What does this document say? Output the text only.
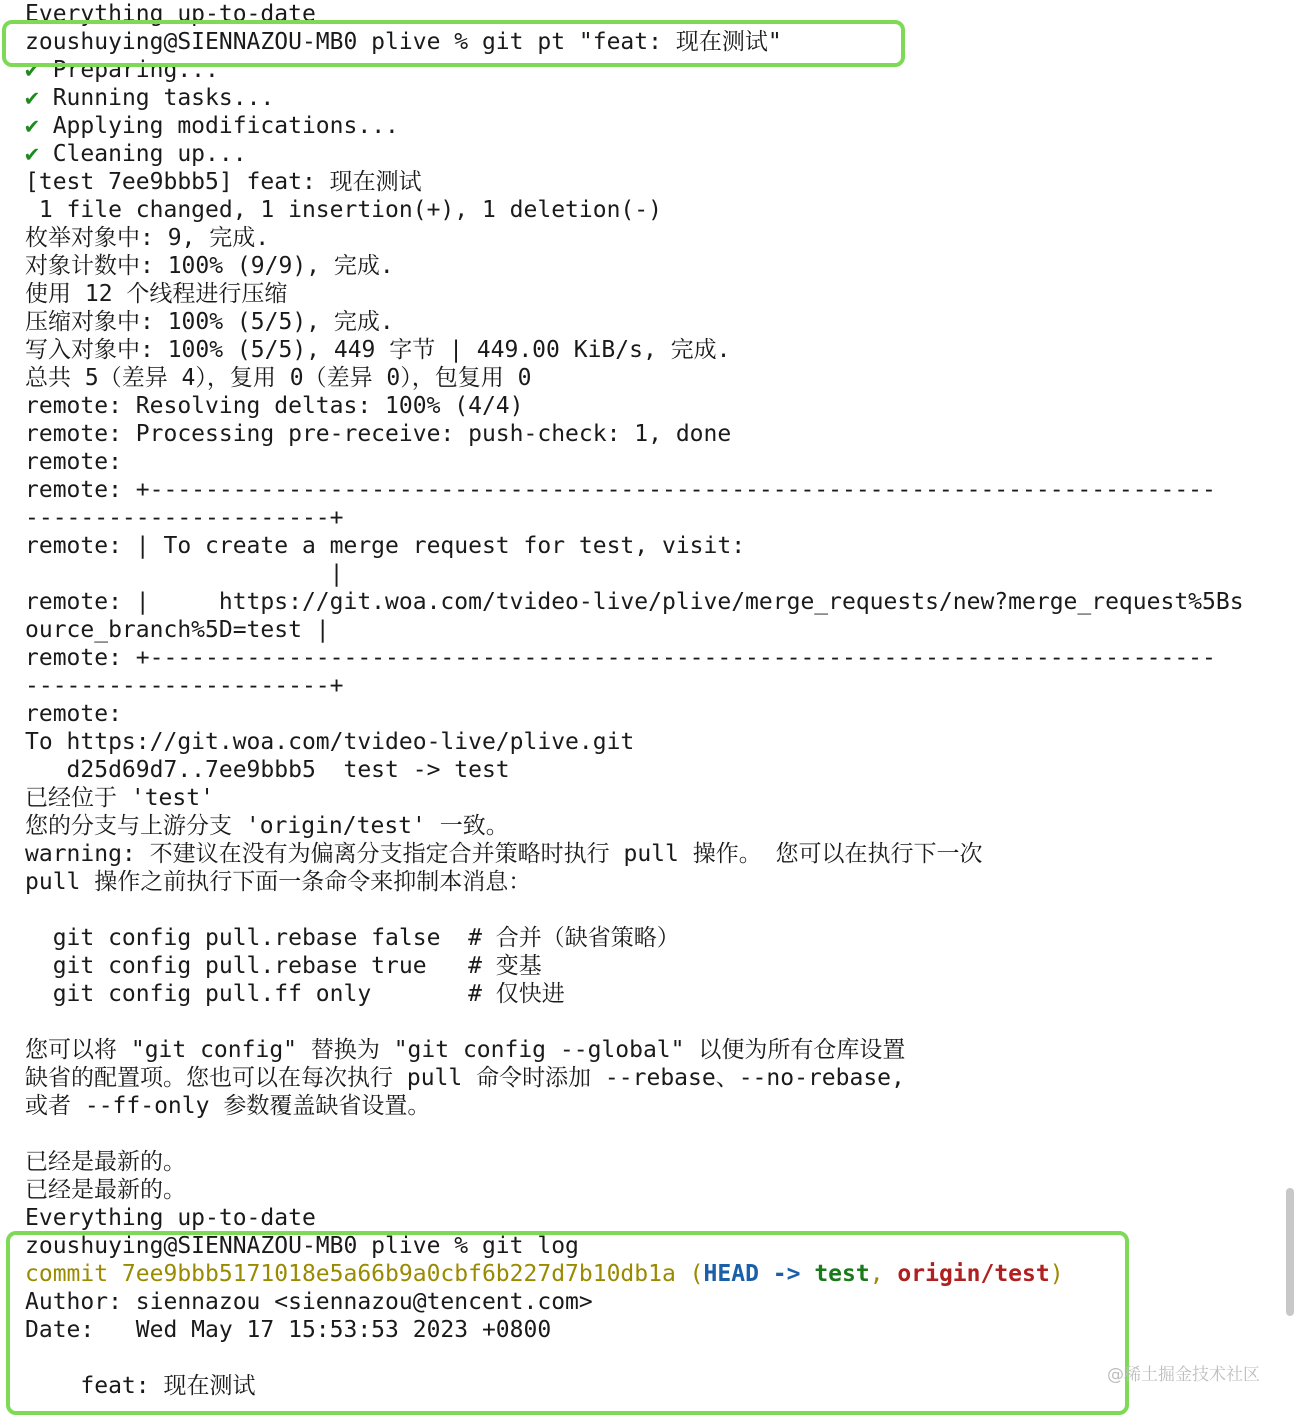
Everything up-to-date
zoushuying@SIENNAZOU-MB0 plive % git pt "feat: 现在测试"
✔ Preparing...
✔ Running tasks...
✔ Applying modifications...
✔ Cleaning up...
[test 7ee9bbb5] feat: 现在测试
1 file changed, 1 insertion(+), 1 deletion(-)
枚举对象中: 9, 完成.
对象计数中: 100% (9/9), 完成.
使用 12 个线程进行压缩
压缩对象中: 100% (5/5), 完成.
写入对象中: 100% (5/5), 449 字节 | 449.00 KiB/s, 完成.
总共 5（差异 4），复用 0（差异 0），包复用 0
remote: Resolving deltas: 100% (4/4)
remote: Processing pre-receive: push-check: 1, done
remote:
remote: +-----------------------------------------------------------------------------
----------------------+
remote: | To create a merge request for test, visit:
|
remote: |     https://git.woa.com/tvideo-live/plive/merge_requests/new?merge_request%5Bs
ource_branch%5D=test |
remote: +-----------------------------------------------------------------------------
----------------------+
remote:
To https://git.woa.com/tvideo-live/plive.git
d25d69d7..7ee9bbb5  test -> test
已经位于 'test'
您的分支与上游分支 'origin/test' 一致。
warning: 不建议在没有为偏离分支指定合并策略时执行 pull 操作。 您可以在执行下一次
pull 操作之前执行下面一条命令来抑制本消息：
git config pull.rebase false  # 合并（缺省策略）
git config pull.rebase true   # 变基
git config pull.ff only       # 仅快进
您可以将 "git config" 替换为 "git config --global" 以便为所有仓库设置
缺省的配置项。您也可以在每次执行 pull 命令时添加 --rebase、--no-rebase,
或者 --ff-only 参数覆盖缺省设置。
已经是最新的。
已经是最新的。
Everything up-to-date
zoushuying@SIENNAZOU-MB0 plive % git log
commit 7ee9bbb5171018e5a66b9a0cbf6b227d7b10db1a (HEAD -> test, origin/test)
Author: siennazou <siennazou@tencent.com>
Date:   Wed May 17 15:53:53 2023 +0800
feat: 现在测试	@稀土掘金技术社区
